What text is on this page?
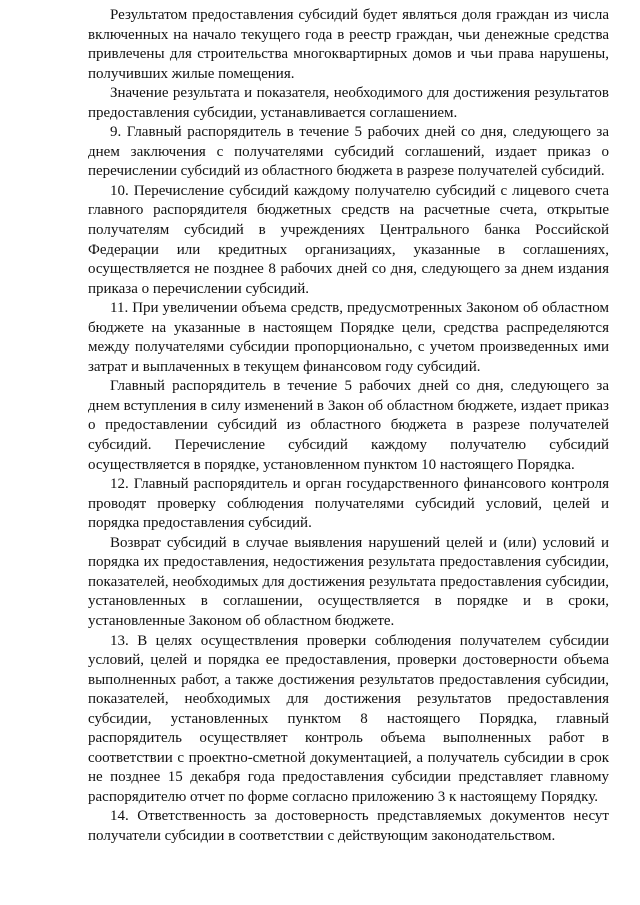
Результатом предоставления субсидий будет являться доля граждан из числа включенных на начало текущего года в реестр граждан, чьи денежные средства привлечены для строительства многоквартирных домов и чьи права нарушены, получивших жилые помещения.

Значение результата и показателя, необходимого для достижения результатов предоставления субсидии, устанавливается соглашением.

9. Главный распорядитель в течение 5 рабочих дней со дня, следующего за днем заключения с получателями субсидий соглашений, издает приказ о перечислении субсидий из областного бюджета в разрезе получателей субсидий.

10. Перечисление субсидий каждому получателю субсидий с лицевого счета главного распорядителя бюджетных средств на расчетные счета, открытые получателям субсидий в учреждениях Центрального банка Российской Федерации или кредитных организациях, указанные в соглашениях, осуществляется не позднее 8 рабочих дней со дня, следующего за днем издания приказа о перечислении субсидий.

11. При увеличении объема средств, предусмотренных Законом об областном бюджете на указанные в настоящем Порядке цели, средства распределяются между получателями субсидии пропорционально, с учетом произведенных ими затрат и выплаченных в текущем финансовом году субсидий.

Главный распорядитель в течение 5 рабочих дней со дня, следующего за днем вступления в силу изменений в Закон об областном бюджете, издает приказ о предоставлении субсидий из областного бюджета в разрезе получателей субсидий. Перечисление субсидий каждому получателю субсидий осуществляется в порядке, установленном пунктом 10 настоящего Порядка.

12. Главный распорядитель и орган государственного финансового контроля проводят проверку соблюдения получателями субсидий условий, целей и порядка предоставления субсидий.

Возврат субсидий в случае выявления нарушений целей и (или) условий и порядка их предоставления, недостижения результата предоставления субсидии, показателей, необходимых для достижения результата предоставления субсидии, установленных в соглашении, осуществляется в порядке и в сроки, установленные Законом об областном бюджете.

13. В целях осуществления проверки соблюдения получателем субсидии условий, целей и порядка ее предоставления, проверки достоверности объема выполненных работ, а также достижения результатов предоставления субсидии, показателей, необходимых для достижения результатов предоставления субсидии, установленных пунктом 8 настоящего Порядка, главный распорядитель осуществляет контроль объема выполненных работ в соответствии с проектно-сметной документацией, а получатель субсидии в срок не позднее 15 декабря года предоставления субсидии представляет главному распорядителю отчет по форме согласно приложению 3 к настоящему Порядку.

14. Ответственность за достоверность представляемых документов несут получатели субсидии в соответствии с действующим законодательством.
